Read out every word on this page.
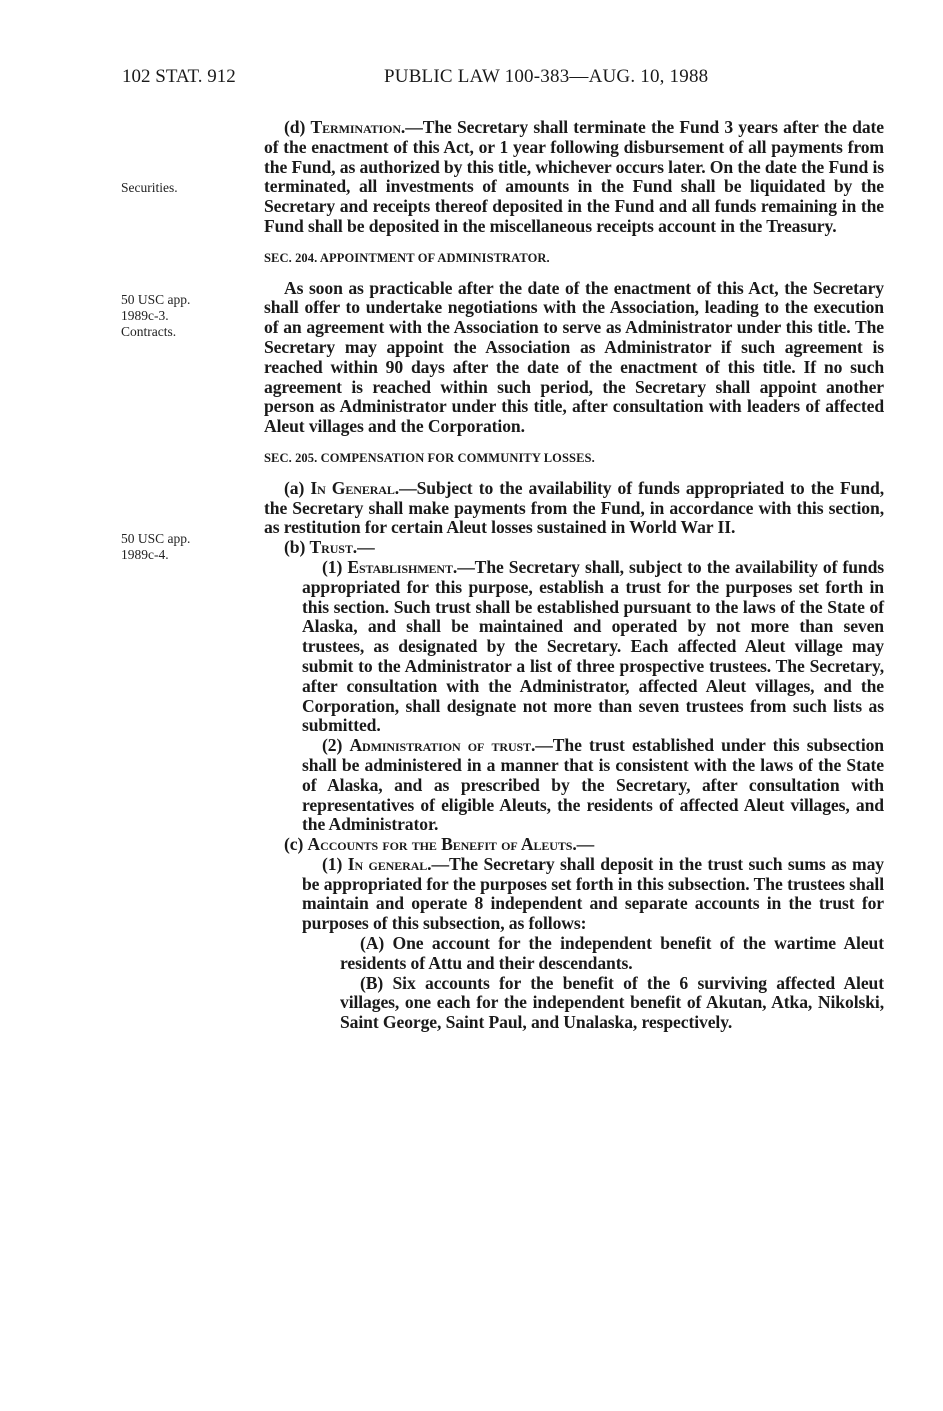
102 STAT. 912	PUBLIC LAW 100-383—AUG. 10, 1988
Securities.
50 USC app.
1989c-3.
Contracts.
50 USC app.
1989c-4.

(d) Termination.—The Secretary shall terminate the Fund 3 years after the date of the enactment of this Act, or 1 year following disbursement of all payments from the Fund, as authorized by this title, whichever occurs later. On the date the Fund is terminated, all investments of amounts in the Fund shall be liquidated by the Secretary and receipts thereof deposited in the Fund and all funds remaining in the Fund shall be deposited in the miscellaneous receipts account in the Treasury.

SEC. 204. APPOINTMENT OF ADMINISTRATOR.

As soon as practicable after the date of the enactment of this Act, the Secretary shall offer to undertake negotiations with the Association, leading to the execution of an agreement with the Association to serve as Administrator under this title. The Secretary may appoint the Association as Administrator if such agreement is reached within 90 days after the date of the enactment of this title. If no such agreement is reached within such period, the Secretary shall appoint another person as Administrator under this title, after consultation with leaders of affected Aleut villages and the Corporation.

SEC. 205. COMPENSATION FOR COMMUNITY LOSSES.

(a) In General.—Subject to the availability of funds appropriated to the Fund, the Secretary shall make payments from the Fund, in accordance with this section, as restitution for certain Aleut losses sustained in World War II.

(b) Trust.—

(1) Establishment.—The Secretary shall, subject to the availability of funds appropriated for this purpose, establish a trust for the purposes set forth in this section. Such trust shall be established pursuant to the laws of the State of Alaska, and shall be maintained and operated by not more than seven trustees, as designated by the Secretary. Each affected Aleut village may submit to the Administrator a list of three prospective trustees. The Secretary, after consultation with the Administrator, affected Aleut villages, and the Corporation, shall designate not more than seven trustees from such lists as submitted.

(2) Administration of trust.—The trust established under this subsection shall be administered in a manner that is consistent with the laws of the State of Alaska, and as prescribed by the Secretary, after consultation with representatives of eligible Aleuts, the residents of affected Aleut villages, and the Administrator.

(c) Accounts for the Benefit of Aleuts.—

(1) In general.—The Secretary shall deposit in the trust such sums as may be appropriated for the purposes set forth in this subsection. The trustees shall maintain and operate 8 independent and separate accounts in the trust for purposes of this subsection, as follows:

(A) One account for the independent benefit of the wartime Aleut residents of Attu and their descendants.

(B) Six accounts for the benefit of the 6 surviving affected Aleut villages, one each for the independent benefit of Akutan, Atka, Nikolski, Saint George, Saint Paul, and Unalaska, respectively.
